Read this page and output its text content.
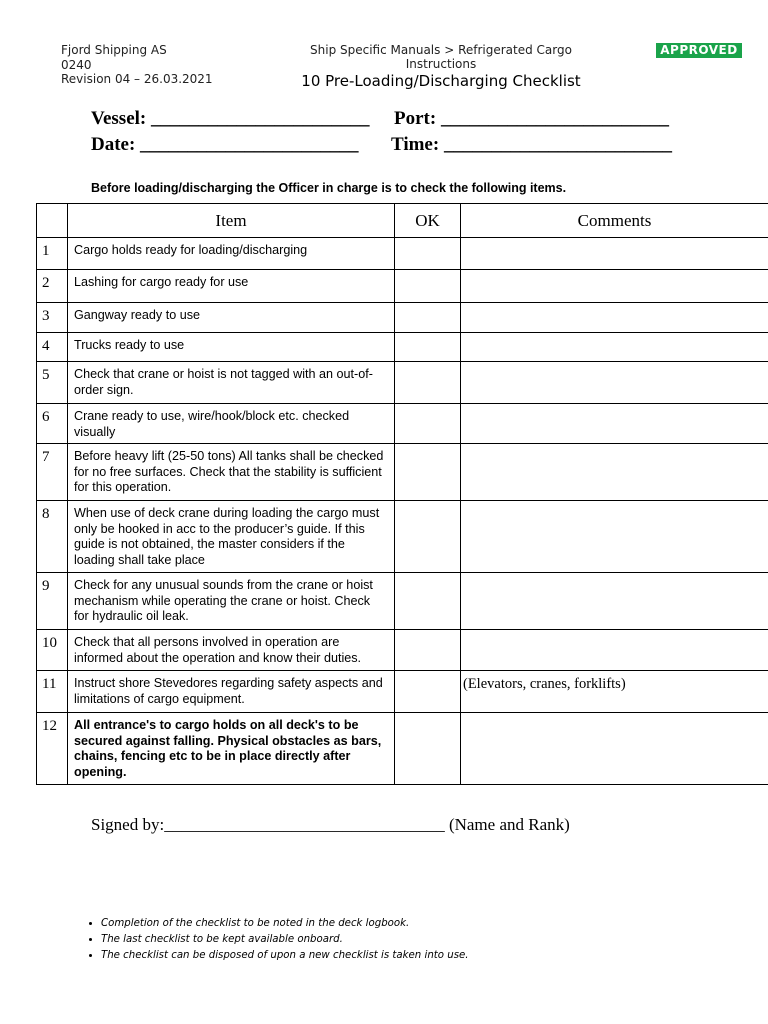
Fjord Shipping AS
0240
Revision 04 – 26.03.2021
Ship Specific Manuals > Refrigerated Cargo Instructions
10 Pre-Loading/Discharging Checklist
APPROVED
Vessel: _______________________ Port: ________________________
Date: _______________________ Time: ________________________
Before loading/discharging the Officer in charge is to check the following items.
	Item	OK	Comments
1	Cargo holds ready for loading/discharging		
2	Lashing for cargo ready for use		
3	Gangway ready to use		
4	Trucks ready to use		
5	Check that crane or hoist is not tagged with an out-of-order sign.		
6	Crane ready to use, wire/hook/block etc. checked visually		
7	Before heavy lift (25-50 tons) All tanks shall be checked for no free surfaces. Check that the stability is sufficient for this operation.		
8	When use of deck crane during loading the cargo must only be hooked in acc to the producer’s guide. If this guide is not obtained, the master considers if the loading shall take place		
9	Check for any unusual sounds from the crane or hoist mechanism while operating the crane or hoist. Check for hydraulic oil leak.		
10	Check that all persons involved in operation are informed about the operation and know their duties.		
11	Instruct shore Stevedores regarding safety aspects and limitations of cargo equipment.		(Elevators, cranes, forklifts)
12	All entrance's to cargo holds on all deck's to be secured against falling. Physical obstacles as bars, chains, fencing etc to be in place directly after opening.		
Signed by:_________________________________ (Name and Rank)
• Completion of the checklist to be noted in the deck logbook.
• The last checklist to be kept available onboard.
• The checklist can be disposed of upon a new checklist is taken into use.
